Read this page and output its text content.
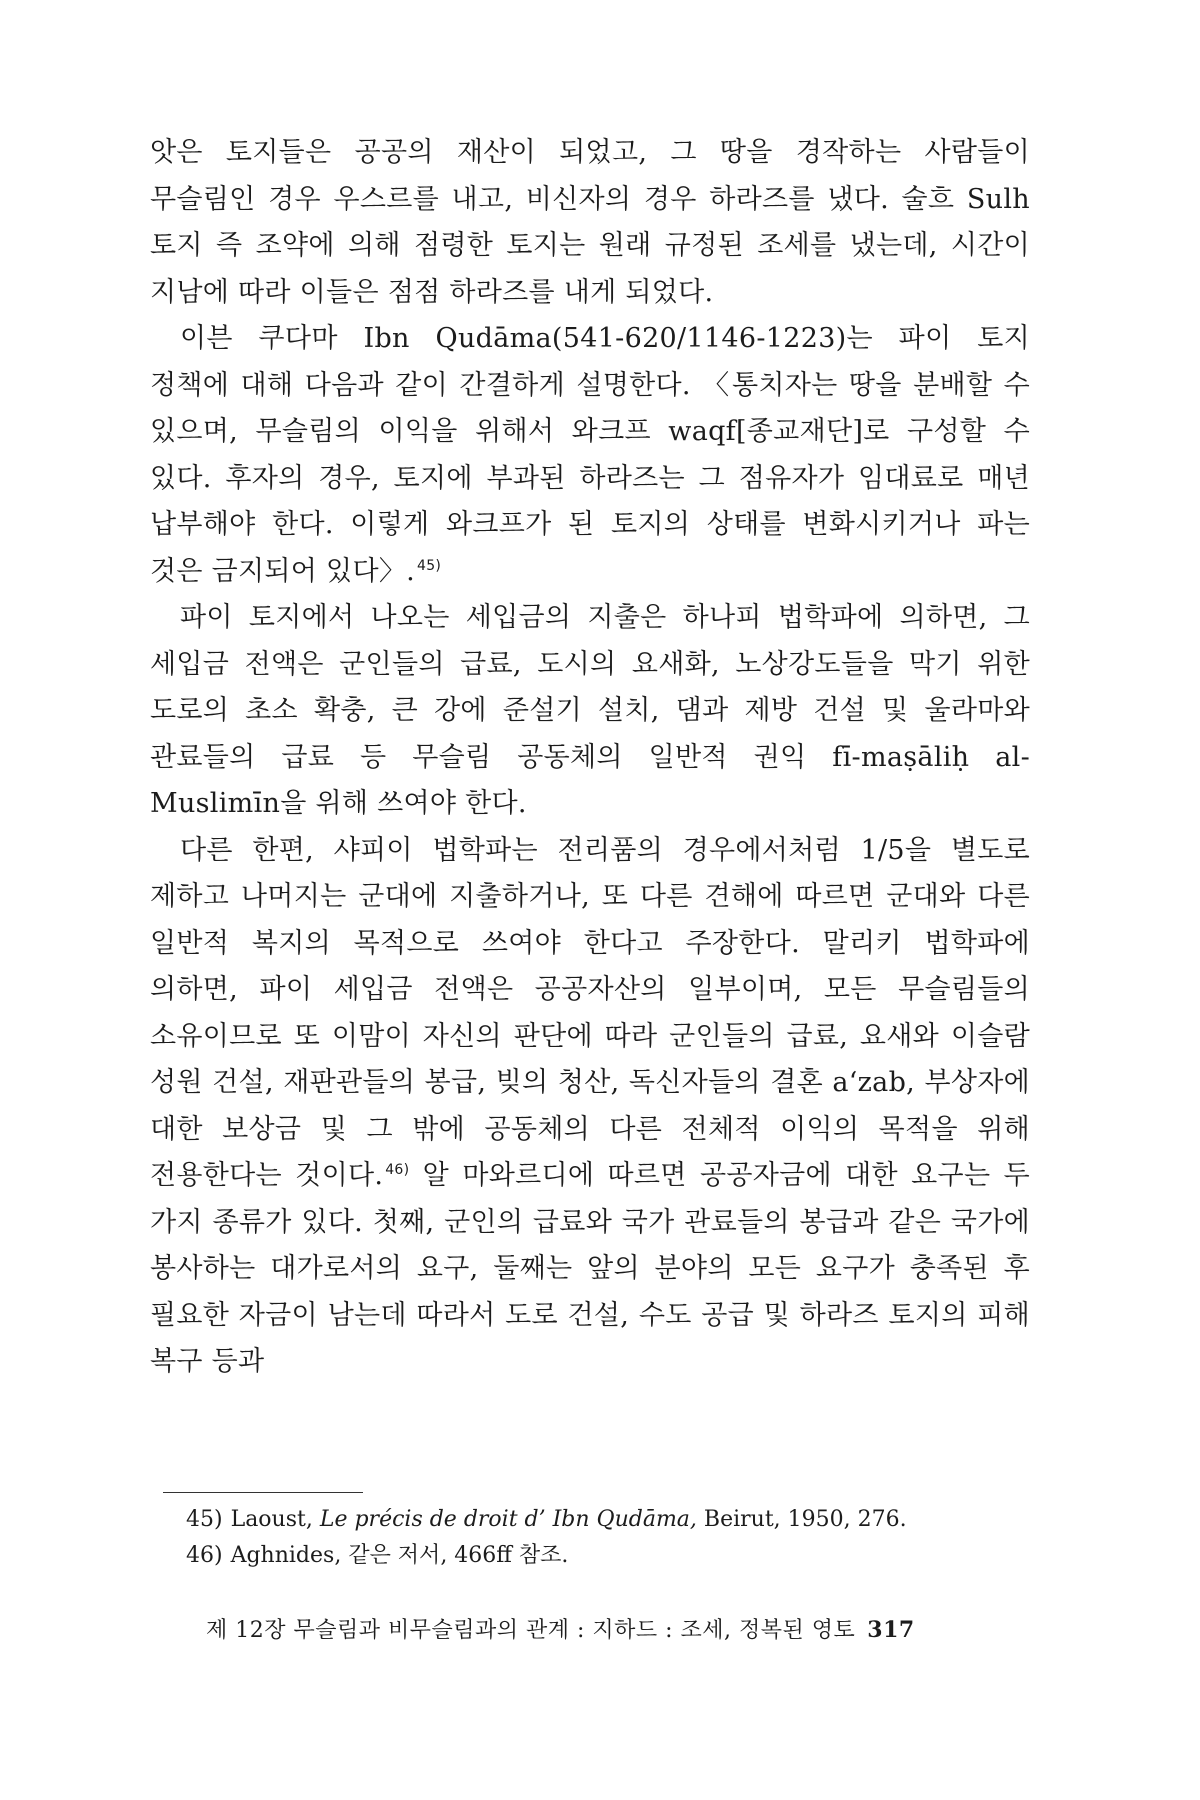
앗은 토지들은 공공의 재산이 되었고, 그 땅을 경작하는 사람들이 무슬림인 경우 우스르를 내고, 비신자의 경우 하라즈를 냈다. 술흐 Sulh 토지 즉 조약에 의해 점령한 토지는 원래 규정된 조세를 냈는데, 시간이 지남에 따라 이들은 점점 하라즈를 내게 되었다.

이븐 쿠다마 Ibn Qudāma(541-620/1146-1223)는 파이 토지 정책에 대해 다음과 같이 간결하게 설명한다. 〈통치자는 땅을 분배할 수 있으며, 무슬림의 이익을 위해서 와크프 waqf[종교재단]로 구성할 수 있다. 후자의 경우, 토지에 부과된 하라즈는 그 점유자가 임대료로 매년 납부해야 한다. 이렇게 와크프가 된 토지의 상태를 변화시키거나 파는 것은 금지되어 있다〉. $^{45)}$

파이 토지에서 나오는 세입금의 지출은 하나피 법학파에 의하면, 그 세입금 전액은 군인들의 급료, 도시의 요새화, 노상강도들을 막기 위한 도로의 초소 확충, 큰 강에 준설기 설치, 댐과 제방 건설 및 울라마와 관료들의 급료 등 무슬림 공동체의 일반적 권익 fī-maṣāliḥ al-Muslimīn을 위해 쓰여야 한다.

다른 한편, 샤피이 법학파는 전리품의 경우에서처럼 1/5을 별도로 제하고 나머지는 군대에 지출하거나, 또 다른 견해에 따르면 군대와 다른 일반적 복지의 목적으로 쓰여야 한다고 주장한다. 말리키 법학파에 의하면, 파이 세입금 전액은 공공자산의 일부이며, 모든 무슬림들의 소유이므로 또 이맘이 자신의 판단에 따라 군인들의 급료, 요새와 이슬람 성원 건설, 재판관들의 봉급, 빚의 청산, 독신자들의 결혼 a‘zab, 부상자에 대한 보상금 및 그 밖에 공동체의 다른 전체적 이익의 목적을 위해 전용한다는 것이다. $^{46)}$ 알 마와르디에 따르면 공공자금에 대한 요구는 두 가지 종류가 있다. 첫째, 군인의 급료와 국가 관료들의 봉급과 같은 국가에 봉사하는 대가로서의 요구, 둘째는 앞의 분야의 모든 요구가 충족된 후 필요한 자금이 남는데 따라서 도로 건설, 수도 공급 및 하라즈 토지의 피해 복구 등과

45) Laoust, Le précis de droit d’ Ibn Qudāma, Beirut, 1950, 276.

46) Aghnides, 같은 저서, 466ff 참조.

제 12장 무슬림과 비무슬림과의 관계 : 지하드 : 조세, 정복된 영토 317
